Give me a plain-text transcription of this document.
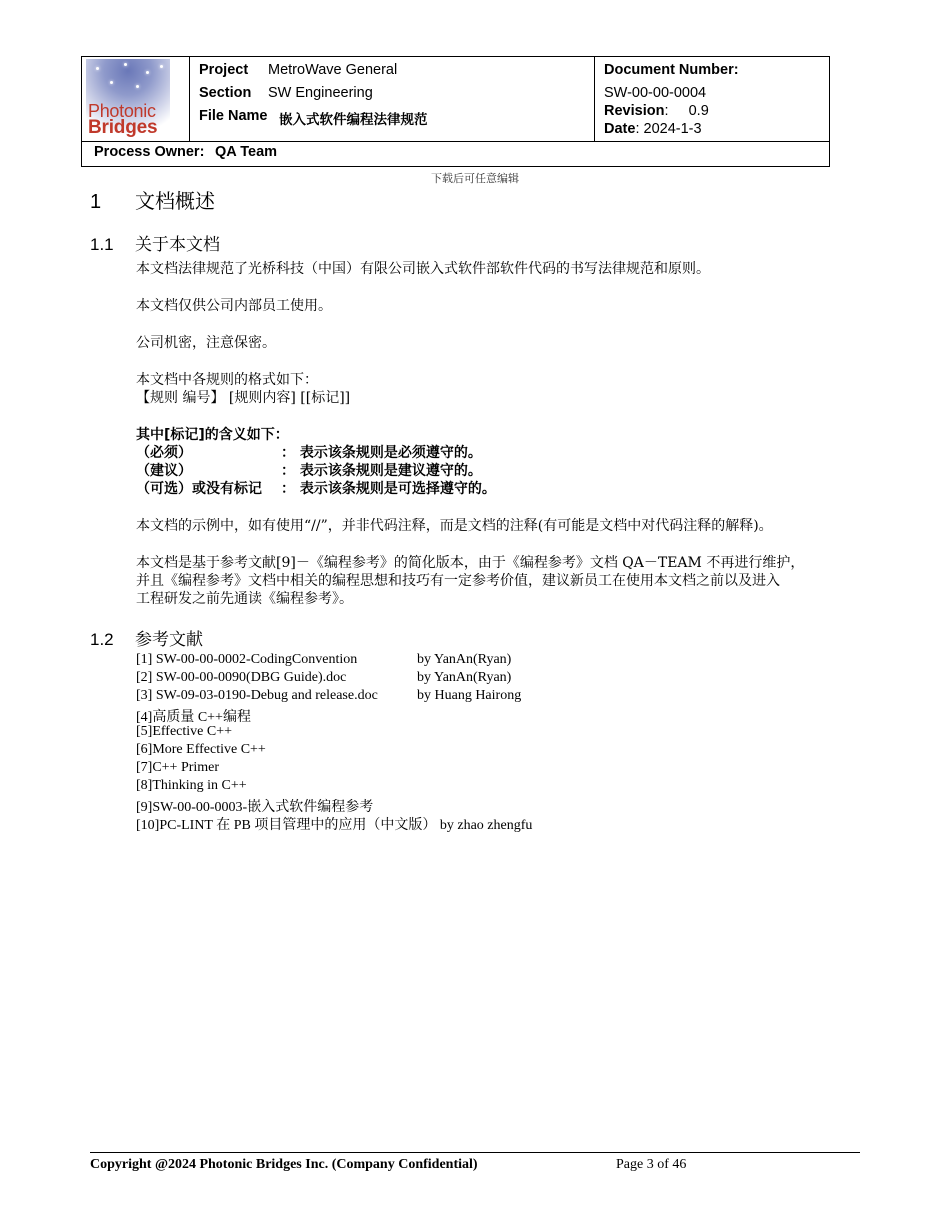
Photonic
Bridges
Project MetroWave General
Section SW Engineering
File Name 嵌入式软件编程法律规范
Document Number:
SW-00-00-0004
Revision:     0.9
Date: 2024-1-3
Process Owner: QA Team
下载后可任意编辑
1 文档概述
1.1 关于本文档
本文档法律规范了光桥科技（中国）有限公司嵌入式软件部软件代码的书写法律规范和原则。
本文档仅供公司内部员工使用。
公司机密，注意保密。
本文档中各规则的格式如下：
【规则 编号】 [规则内容] [[标记]]
其中[标记]的含义如下：
（必须）	： 表示该条规则是必须遵守的。
（建议）	： 表示该条规则是建议遵守的。
（可选）或没有标记 ： 表示该条规则是可选择遵守的。
本文档的示例中，如有使用“//”，并非代码注释，而是文档的注释(有可能是文档中对代码注释的解释)。
本文档是基于参考文献[9]－《编程参考》的简化版本，由于《编程参考》文档 QA－TEAM 不再进行维护，
并且《编程参考》文档中相关的编程思想和技巧有一定参考价值，建议新员工在使用本文档之前以及进入
工程研发之前先通读《编程参考》。
1.2 参考文献
[1] SW-00-00-0002-CodingConvention	by YanAn(Ryan)
[2] SW-00-00-0090(DBG Guide).doc	by YanAn(Ryan)
[3] SW-09-03-0190-Debug and release.doc	by Huang Hairong
[4]高质量 C++编程
[5]Effective C++
[6]More Effective C++
[7]C++ Primer
[8]Thinking in C++
[9]SW-00-00-0003-嵌入式软件编程参考
[10]PC-LINT 在 PB 项目管理中的应用（中文版） by zhao zhengfu
Copyright @2024 Photonic Bridges Inc. (Company Confidential)	Page 3 of 46
